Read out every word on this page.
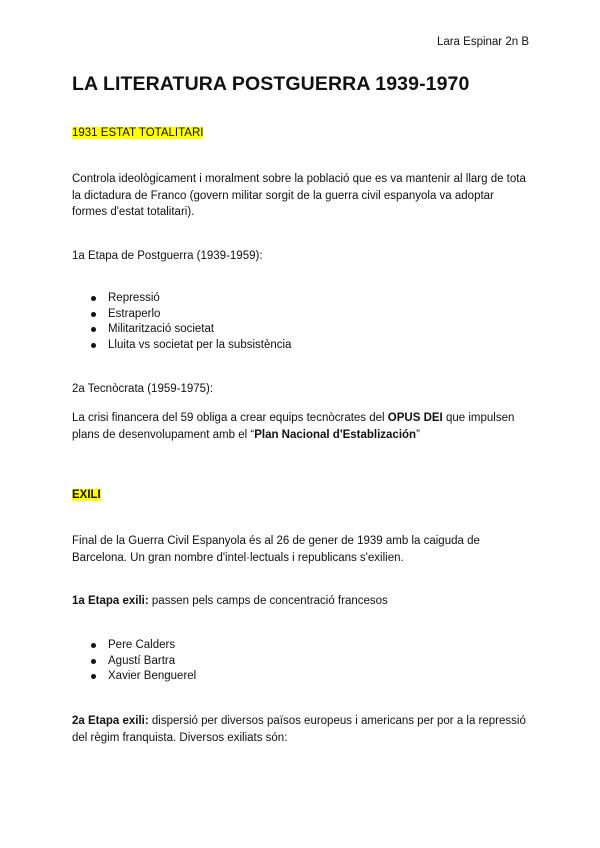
Lara Espinar 2n B
LA LITERATURA POSTGUERRA 1939-1970
1931 ESTAT TOTALITARI
Controla ideològicament i moralment sobre la població que es va mantenir al llarg de tota la dictadura de Franco (govern militar sorgit de la guerra civil espanyola va adoptar formes d'estat totalitari).
1a Etapa de Postguerra (1939-1959):
Repressió
Estraperlo
Militarització societat
Lluita vs societat per la subsistència
2a Tecnòcrata (1959-1975):
La crisi financera del 59 obliga a crear equips tecnòcrates del OPUS DEI que impulsen plans de desenvolupament amb el “Plan Nacional d'Establización”
EXILI
Final de la Guerra Civil Espanyola és al 26 de gener de 1939 amb la caiguda de Barcelona. Un gran nombre d'intel·lectuals i republicans s'exilien.
1a Etapa exili: passen pels camps de concentració francesos
Pere Calders
Agustí Bartra
Xavier Benguerel
2a Etapa exili: dispersió per diversos països europeus i americans per por a la repressió del règim franquista. Diversos exiliats són:
